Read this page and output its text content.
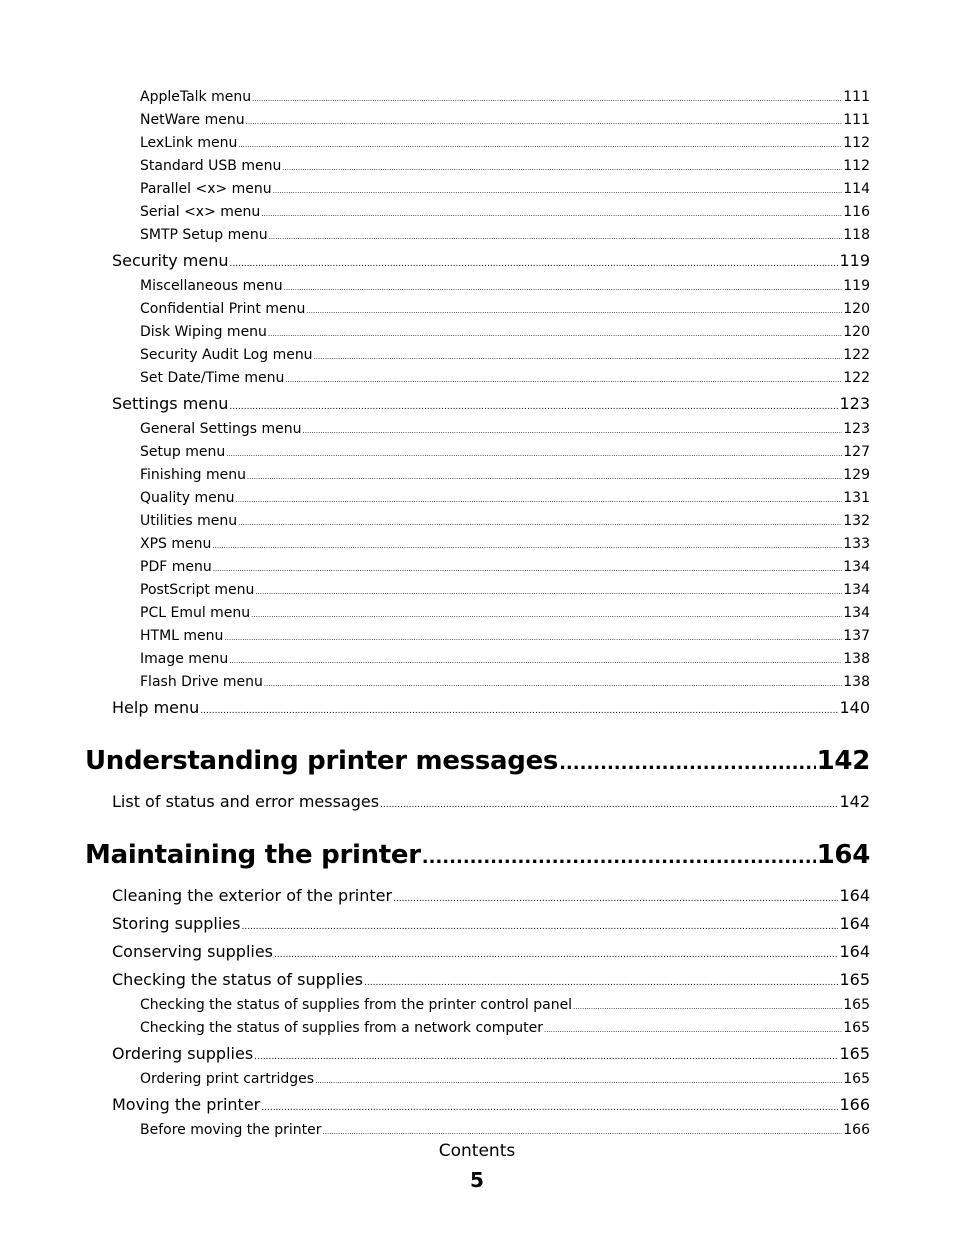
AppleTalk menu .....	111
NetWare menu .....	111
LexLink menu .....	112
Standard USB menu .....	112
Parallel <x> menu .....	114
Serial <x> menu .....	116
SMTP Setup menu .....	118
Security menu .....	119
Miscellaneous menu .....	119
Confidential Print menu .....	120
Disk Wiping menu .....	120
Security Audit Log menu .....	122
Set Date/Time menu .....	122
Settings menu .....	123
General Settings menu .....	123
Setup menu .....	127
Finishing menu .....	129
Quality menu .....	131
Utilities menu .....	132
XPS menu .....	133
PDF menu .....	134
PostScript menu .....	134
PCL Emul menu .....	134
HTML menu .....	137
Image menu .....	138
Flash Drive menu .....	138
Help menu .....	140
Understanding printer messages .....	142
List of status and error messages .....	142
Maintaining the printer .....	164
Cleaning the exterior of the printer .....	164
Storing supplies .....	164
Conserving supplies .....	164
Checking the status of supplies .....	165
Checking the status of supplies from the printer control panel .....	165
Checking the status of supplies from a network computer .....	165
Ordering supplies .....	165
Ordering print cartridges .....	165
Moving the printer .....	166
Before moving the printer .....	166
Contents
5
